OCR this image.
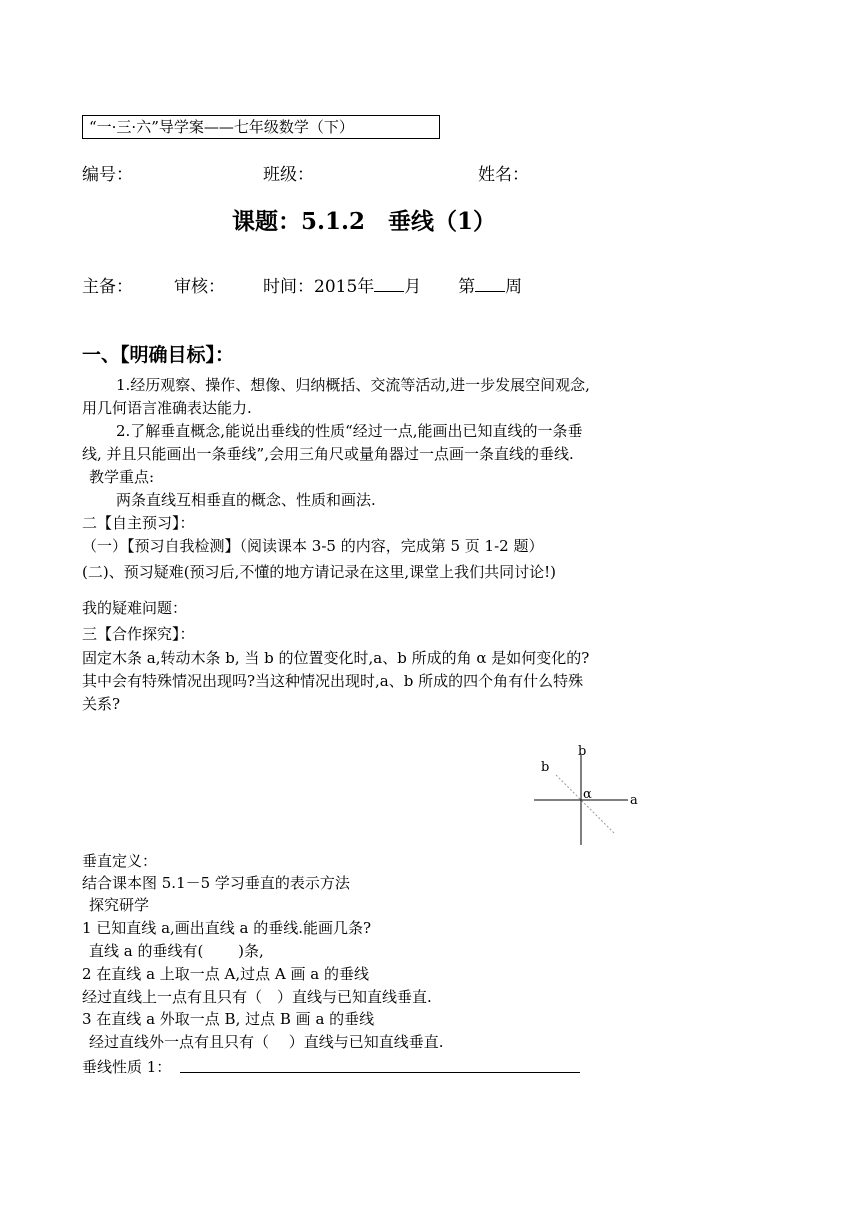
“一·三·六”导学案——七年级数学（下）
编号：	班级：	姓名：
课题：5.1.2　垂线（1）
主备： 审核： 时间：2015年 月 第 周
一、【明确目标】：
1.经历观察、操作、想像、归纳概括、交流等活动,进一步发展空间观念,
用几何语言准确表达能力.
2.了解垂直概念,能说出垂线的性质“经过一点,能画出已知直线的一条垂
线, 并且只能画出一条垂线”,会用三角尺或量角器过一点画一条直线的垂线.
教学重点:
两条直线互相垂直的概念、性质和画法.
二【自主预习】：
（一）【预习自我检测】（阅读课本 3-5 的内容，完成第 5 页 1-2 题）
(二)、预习疑难(预习后,不懂的地方请记录在这里,课堂上我们共同讨论!)
我的疑难问题：
三【合作探究】：
固定木条 a,转动木条 b, 当 b 的位置变化时,a、b 所成的角 α 是如何变化的?
其中会有特殊情况出现吗?当这种情况出现时,a、b 所成的四个角有什么特殊
关系?
b
b
α	a
垂直定义：
结合课本图 5.1－5 学习垂直的表示方法
探究研学
1 已知直线 a,画出直线 a 的垂线.能画几条?
直线 a 的垂线有(　　 )条,
2 在直线 a 上取一点 A,过点 A 画 a 的垂线
经过直线上一点有且只有（　）直线与已知直线垂直.
3 在直线 a 外取一点 B, 过点 B 画 a 的垂线
经过直线外一点有且只有（　 ）直线与已知直线垂直.
垂线性质 1：
